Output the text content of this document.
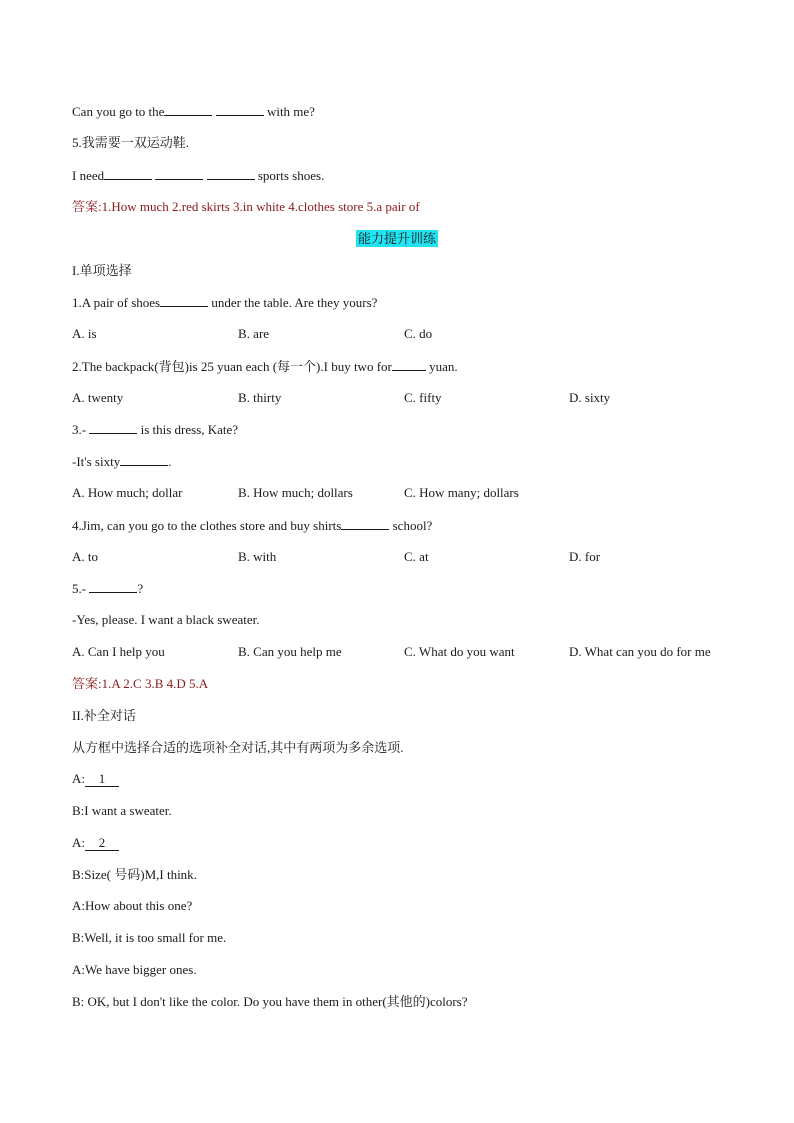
Can you go to the	with me?
5.我需要一双运动鞋.
I need	sports shoes.
答案:1.How much 2.red skirts 3.in white 4.clothes store 5.a pair of
能力提升训练
I.单项选择
1.A pair of shoes	under the table. Are they yours?
A. is	B. are	C. do
2.The backpack(背包)is 25 yuan each (每一个).I buy two for	yuan.
A. twenty	B. thirty	C. fifty	D. sixty
3.-	is this dress, Kate?
-It's sixty	.
A. How much; dollar	B. How much; dollars	C. How many; dollars
4.Jim, can you go to the clothes store and buy shirts	school?
A. to	B. with	C. at	D. for
5.-	?
-Yes, please. I want a black sweater.
A. Can I help you	B. Can you help me	C. What do you want	D. What can you do for me
答案:1.A 2.C 3.B 4.D 5.A
II.补全对话
从方框中选择合适的选项补全对话,其中有两项为多余选项.
A: 1
B:I want a sweater.
A: 2
B:Size( 号码)M,I think.
A:How about this one?
B:Well, it is too small for me.
A:We have bigger ones.
B: OK, but I don't like the color. Do you have them in other(其他的)colors?
